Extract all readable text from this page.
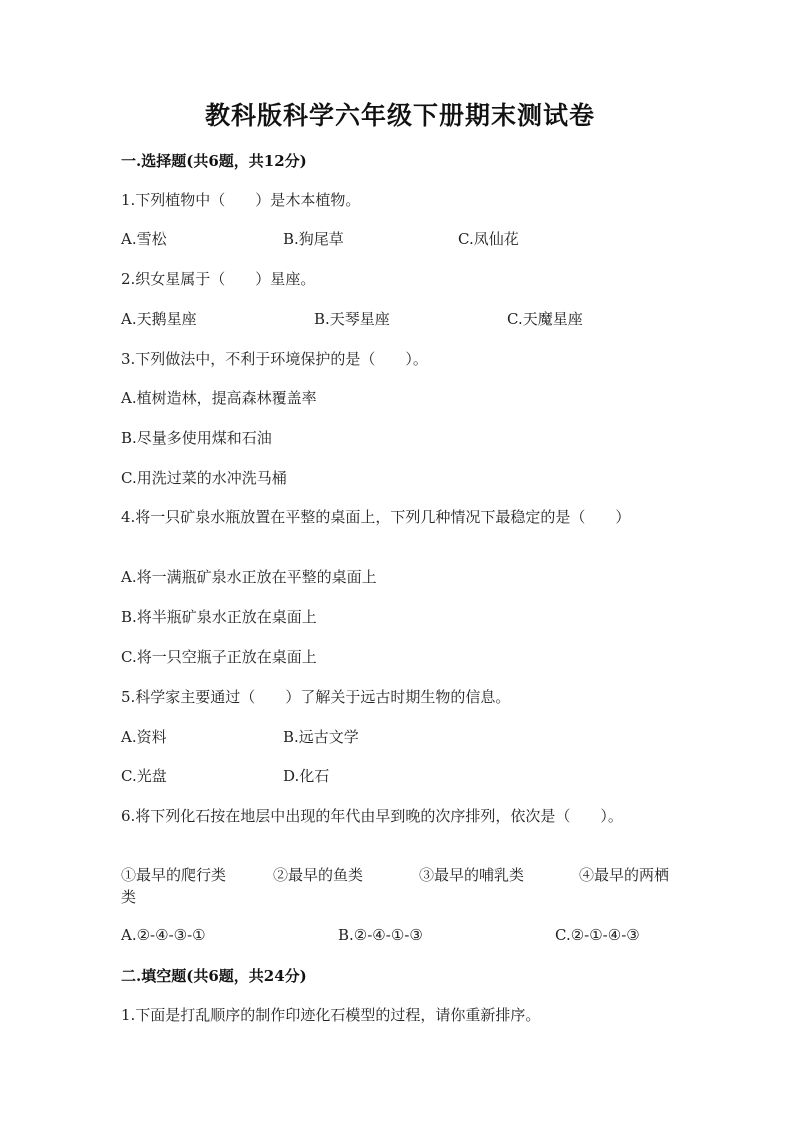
教科版科学六年级下册期末测试卷
一.选择题(共6题，共12分)
1.下列植物中（　　）是木本植物。
A.雪松	B.狗尾草	C.凤仙花
2.织女星属于（　　）星座。
A.天鹅星座	B.天琴星座	C.天魔星座
3.下列做法中，不利于环境保护的是（　　）。
A.植树造林，提高森林覆盖率
B.尽量多使用煤和石油
C.用洗过菜的水冲洗马桶
4.将一只矿泉水瓶放置在平整的桌面上，下列几种情况下最稳定的是（　　）
A.将一满瓶矿泉水正放在平整的桌面上
B.将半瓶矿泉水正放在桌面上
C.将一只空瓶子正放在桌面上
5.科学家主要通过（　　）了解关于远古时期生物的信息。
A.资料	B.远古文学
C.光盘	D.化石
6.将下列化石按在地层中出现的年代由早到晚的次序排列，依次是（　　）。
①最早的爬行类	②最早的鱼类	③最早的哺乳类	④最早的两栖类
A.②-④-③-①	B.②-④-①-③	C.②-①-④-③
二.填空题(共6题，共24分)
1.下面是打乱顺序的制作印迹化石模型的过程，请你重新排序。
